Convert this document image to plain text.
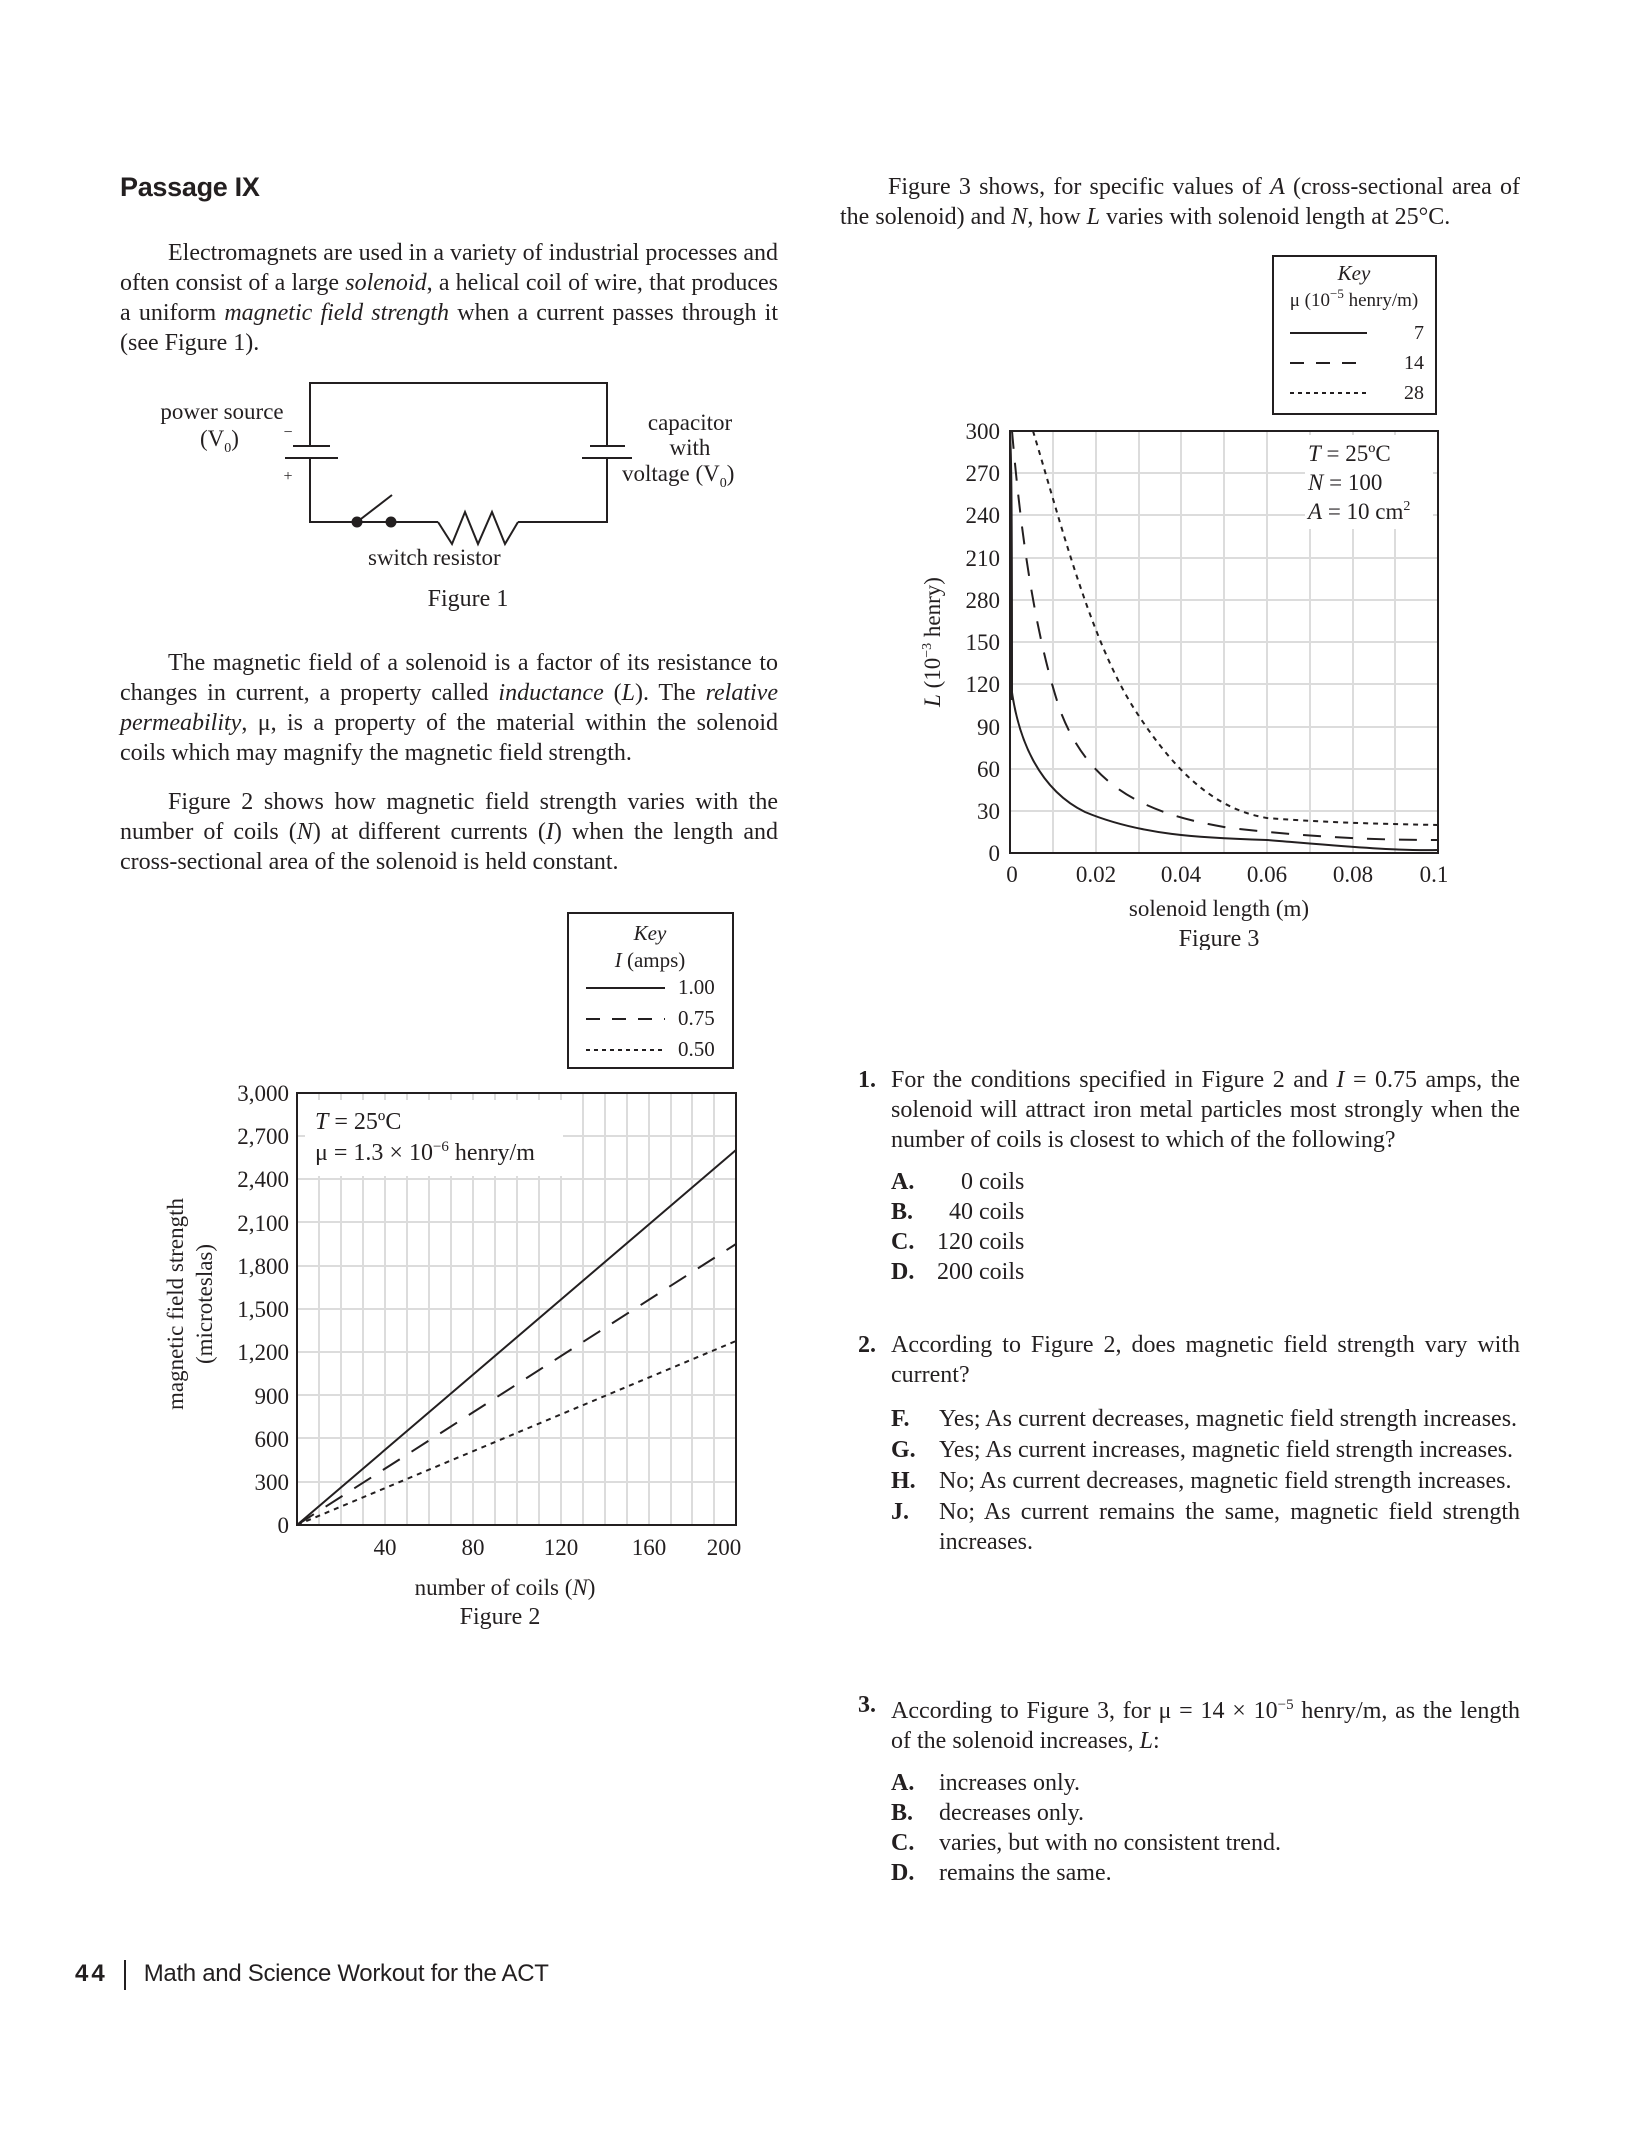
Passage IX
Electromagnets are used in a variety of industrial processes and often consist of a large solenoid, a helical coil of wire, that produces a uniform magnetic field strength when a current passes through it (see Figure 1).
power source
$(V_0)$	−
+
capacitor
with
voltage $(V_0)$
switch resistor
Figure 1
The magnetic field of a solenoid is a factor of its resistance to changes in current, a property called inductance (L). The relative permeability, μ, is a property of the material within the solenoid coils which may magnify the magnetic field strength.
Figure 2 shows how magnetic field strength varies with the number of coils (N) at different currents (I) when the length and cross-sectional area of the solenoid is held constant.
Key
I (amps)
1.00
0.75
0.50
T = 25ºC
$\mu = 1.3 \times 10^{-6}$ henry/m
0
300
600
900
1,200
1,500
1,800
2,100
2,400
2,700
3,000
40	80	120 160 200
number of coils (N)
magnetic field strength (microteslas)
Figure 2
Figure 3 shows, for specific values of A (cross-sectional area of the solenoid) and N, how L varies with solenoid length at 25°C.
Key
μ ($10^{-5}$ henry/m)
7
14
28
T = 25ºC
N = 100
A = 10 $cm^2$
0
30
60
90
120
150
280
210
240
270
300
0	0.02 0.04 0.06 0.08 0.1
solenoid length (m)
L ($10^{-3}$ henry)
Figure 3
1. For the conditions specified in Figure 2 and I = 0.75 amps, the solenoid will attract iron metal particles most strongly when the number of coils is closest to which of the following?
A. 0 coils
B. 40 coils
C. 120 coils
D. 200 coils
2. According to Figure 2, does magnetic field strength vary with current?
F. Yes; As current decreases, magnetic field strength increases.
G. Yes; As current increases, magnetic field strength increases.
H. No; As current decreases, magnetic field strength increases.
J. No; As current remains the same, magnetic field strength increases.
3. According to Figure 3, for $\mu = 14 \times 10^{-5}$ henry/m, as the length of the solenoid increases, L:
A. increases only.
B. decreases only.
C. varies, but with no consistent trend.
D. remains the same.
44 Math and Science Workout for the ACT
